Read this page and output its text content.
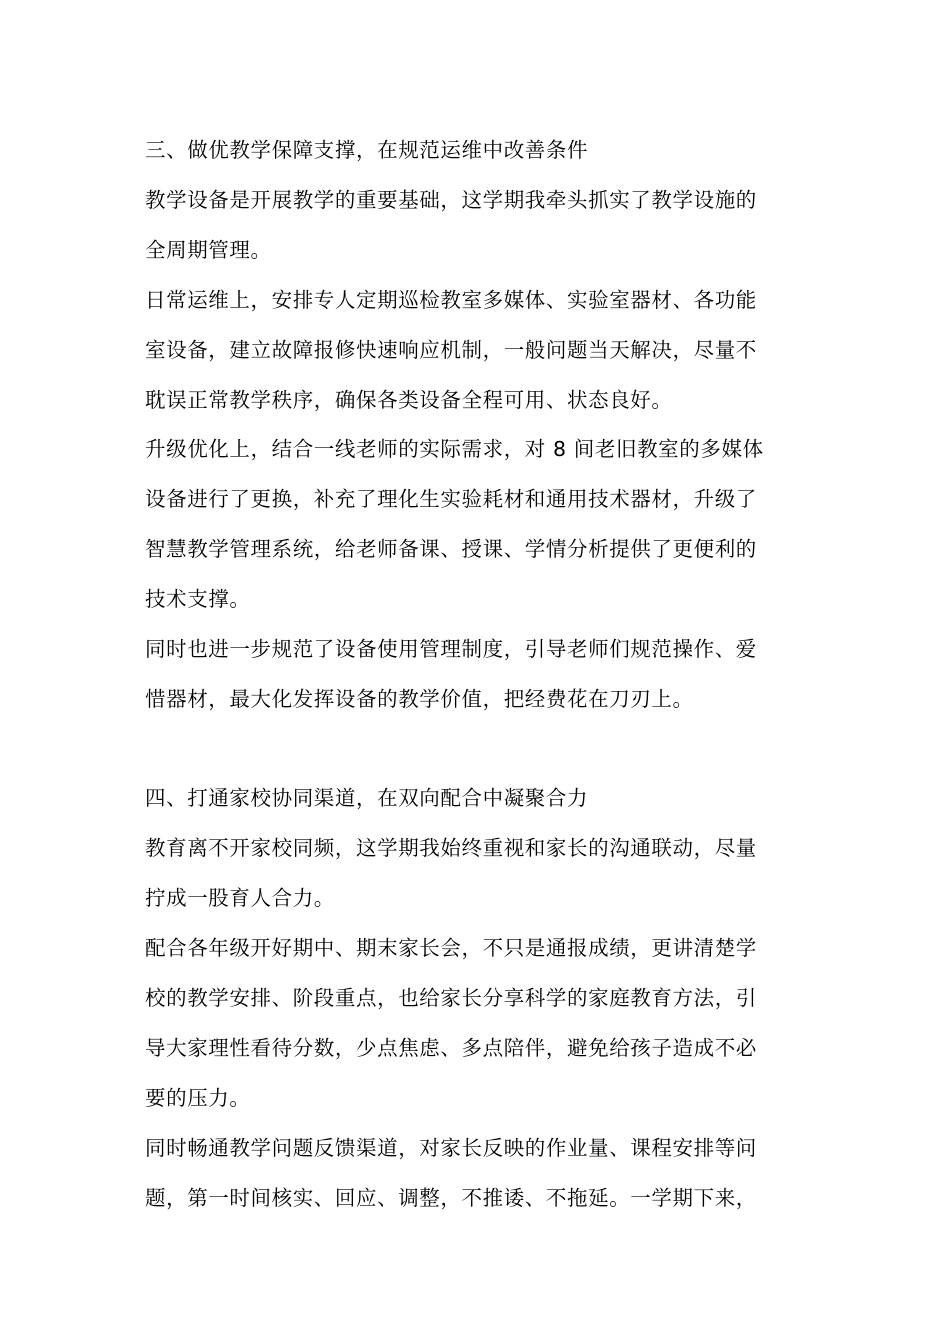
三、做优教学保障支撑，在规范运维中改善条件
教学设备是开展教学的重要基础，这学期我牵头抓实了教学设施的
全周期管理。
日常运维上，安排专人定期巡检教室多媒体、实验室器材、各功能
室设备，建立故障报修快速响应机制，一般问题当天解决，尽量不
耽误正常教学秩序，确保各类设备全程可用、状态良好。
升级优化上，结合一线老师的实际需求，对 8 间老旧教室的多媒体
设备进行了更换，补充了理化生实验耗材和通用技术器材，升级了
智慧教学管理系统，给老师备课、授课、学情分析提供了更便利的
技术支撑。
同时也进一步规范了设备使用管理制度，引导老师们规范操作、爱
惜器材，最大化发挥设备的教学价值，把经费花在刀刃上。
四、打通家校协同渠道，在双向配合中凝聚合力
教育离不开家校同频，这学期我始终重视和家长的沟通联动，尽量
拧成一股育人合力。
配合各年级开好期中、期末家长会，不只是通报成绩，更讲清楚学
校的教学安排、阶段重点，也给家长分享科学的家庭教育方法，引
导大家理性看待分数，少点焦虑、多点陪伴，避免给孩子造成不必
要的压力。
同时畅通教学问题反馈渠道，对家长反映的作业量、课程安排等问
题，第一时间核实、回应、调整，不推诿、不拖延。一学期下来，
